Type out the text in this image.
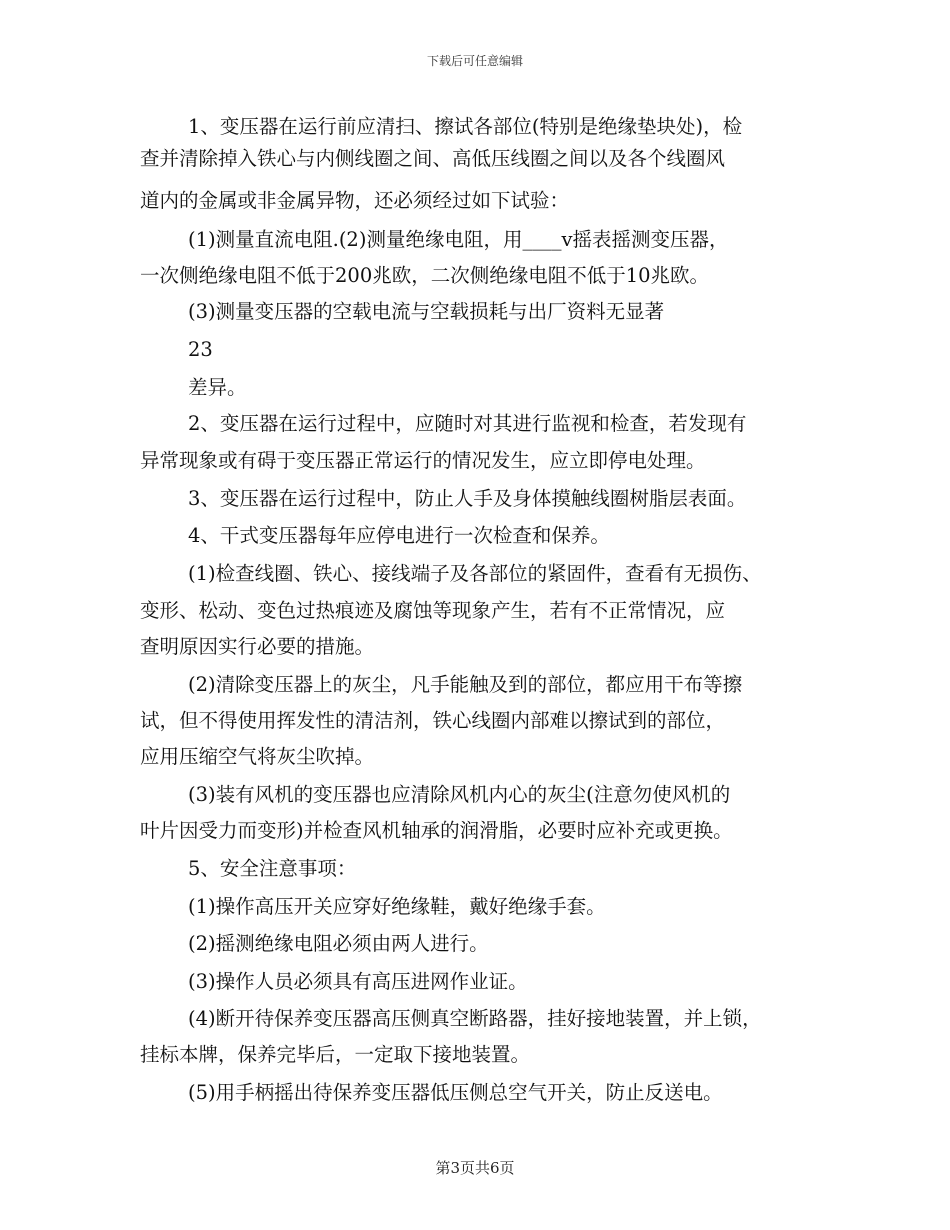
下载后可任意编辑
1、变压器在运行前应清扫、擦试各部位(特别是绝缘垫块处)，检
查并清除掉入铁心与内侧线圈之间、高低压线圈之间以及各个线圈风
道内的金属或非金属异物，还必须经过如下试验：
(1)测量直流电阻.(2)测量绝缘电阻，用____v摇表摇测变压器，
一次侧绝缘电阻不低于200兆欧，二次侧绝缘电阻不低于10兆欧。
(3)测量变压器的空载电流与空载损耗与出厂资料无显著
23
差异。
2、变压器在运行过程中，应随时对其进行监视和检查，若发现有
异常现象或有碍于变压器正常运行的情况发生，应立即停电处理。
3、变压器在运行过程中，防止人手及身体摸触线圈树脂层表面。
4、干式变压器每年应停电进行一次检查和保养。
(1)检查线圈、铁心、接线端子及各部位的紧固件，查看有无损伤、
变形、松动、变色过热痕迹及腐蚀等现象产生，若有不正常情况，应
查明原因实行必要的措施。
(2)清除变压器上的灰尘，凡手能触及到的部位，都应用干布等擦
试，但不得使用挥发性的清洁剂，铁心线圈内部难以擦试到的部位，
应用压缩空气将灰尘吹掉。
(3)装有风机的变压器也应清除风机内心的灰尘(注意勿使风机的
叶片因受力而变形)并检查风机轴承的润滑脂，必要时应补充或更换。
5、安全注意事项：
(1)操作高压开关应穿好绝缘鞋，戴好绝缘手套。
(2)摇测绝缘电阻必须由两人进行。
(3)操作人员必须具有高压进网作业证。
(4)断开待保养变压器高压侧真空断路器，挂好接地装置，并上锁，
挂标本牌，保养完毕后，一定取下接地装置。
(5)用手柄摇出待保养变压器低压侧总空气开关，防止反送电。
第3页共6页
